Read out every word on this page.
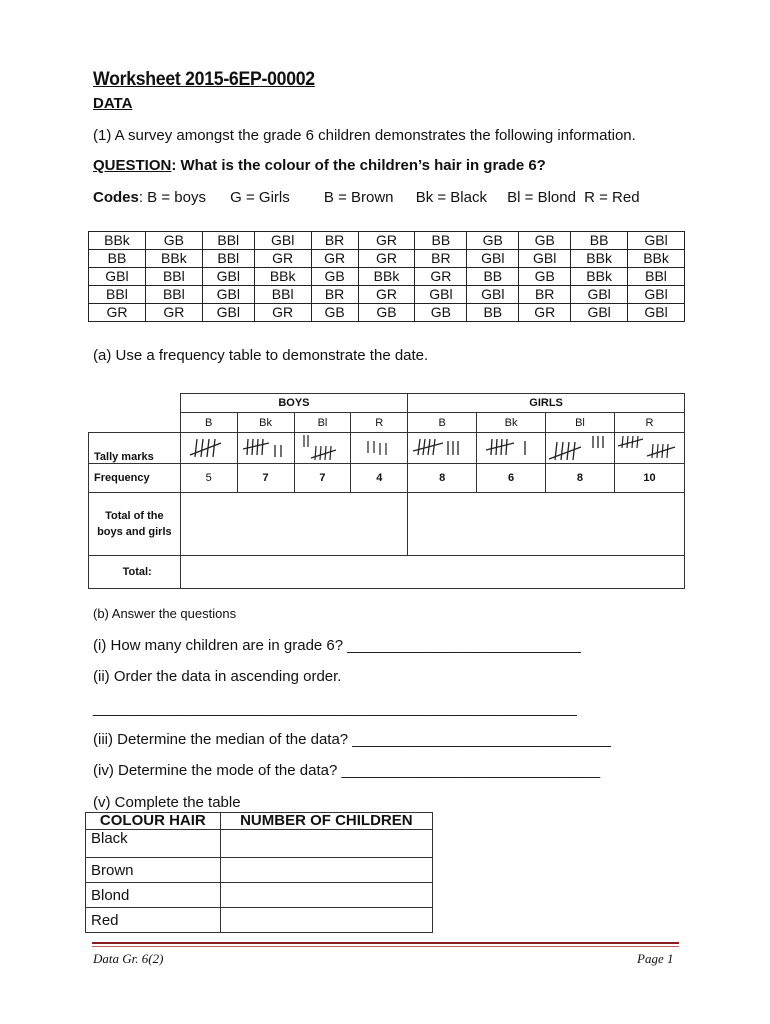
Worksheet 2015-6EP-00002
DATA
(1) A survey amongst the grade 6 children demonstrates the following information.
QUESTION: What is the colour of the children’s hair in grade 6?
Codes: B = boys G = Girls B = Brown Bk = Black Bl = Blond R = Red
BBk	GB	BBl	GBl	BR	GR	BB	GB	GB	BB	GBl
BB	BBk	BBl	GR	GR	GR	BR	GBl	GBl	BBk	BBk
GBl	BBl	GBl	BBk	GB	BBk	GR	BB	GB	BBk	BBl
BBl	BBl	GBl	BBl	BR	GR	GBl	GBl	BR	GBl	GBl
GR	GR	GBl	GR	GB	GB	GB	BB	GR	GBl	GBl
(a) Use a frequency table to demonstrate the date.
	BOYS				GIRLS			
	B	Bk	Bl	R	B	Bk	Bl	R
Tally marks	

Frequency	5	7	7	4	8	6	8	10
Total of the boys and girls								
Total:								
(b) Answer the questions
(i) How many children are in grade 6? ____________________________
(ii) Order the data in ascending order.
__________________________________________________________
(iii) Determine the median of the data? _______________________________
(iv) Determine the mode of the data? _______________________________
(v) Complete the table
COLOUR HAIR	NUMBER OF CHILDREN
Black	
Brown	
Blond	
Red	
Data Gr. 6(2)	Page 1
